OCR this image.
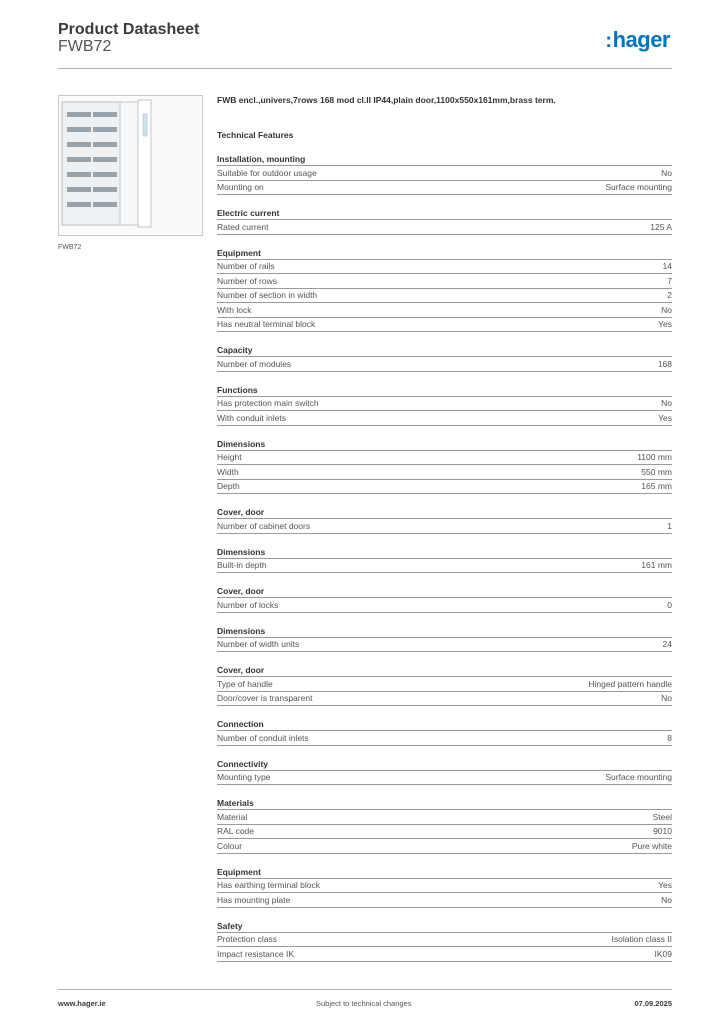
Product Datasheet
FWB72	:hager
FWB72
FWB encl.,univers,7rows 168 mod cl.II IP44,plain door,1100x550x161mm,brass term.
Technical Features
Installation, mounting
Suitable for outdoor usage	No
Mounting on	Surface mounting
Electric current
Rated current	125 A
Equipment
Number of rails	14
Number of rows	7
Number of section in width	2
With lock	No
Has neutral terminal block	Yes
Capacity
Number of modules	168
Functions
Has protection main switch	No
With conduit inlets	Yes
Dimensions
Height	1100 mm
Width	550 mm
Depth	165 mm
Cover, door
Number of cabinet doors	1
Dimensions
Built-in depth	161 mm
Cover, door
Number of locks	0
Dimensions
Number of width units	24
Cover, door
Type of handle	Hinged pattern handle
Door/cover is transparent	No
Connection
Number of conduit inlets	8
Connectivity
Mounting type	Surface mounting
Materials
Material	Steel
RAL code	9010
Colour	Pure white
Equipment
Has earthing terminal block	Yes
Has mounting plate	No
Safety
Protection class	Isolation class II
Impact resistance IK	IK09
www.hager.ie	Subject to technical changes	07.09.2025
